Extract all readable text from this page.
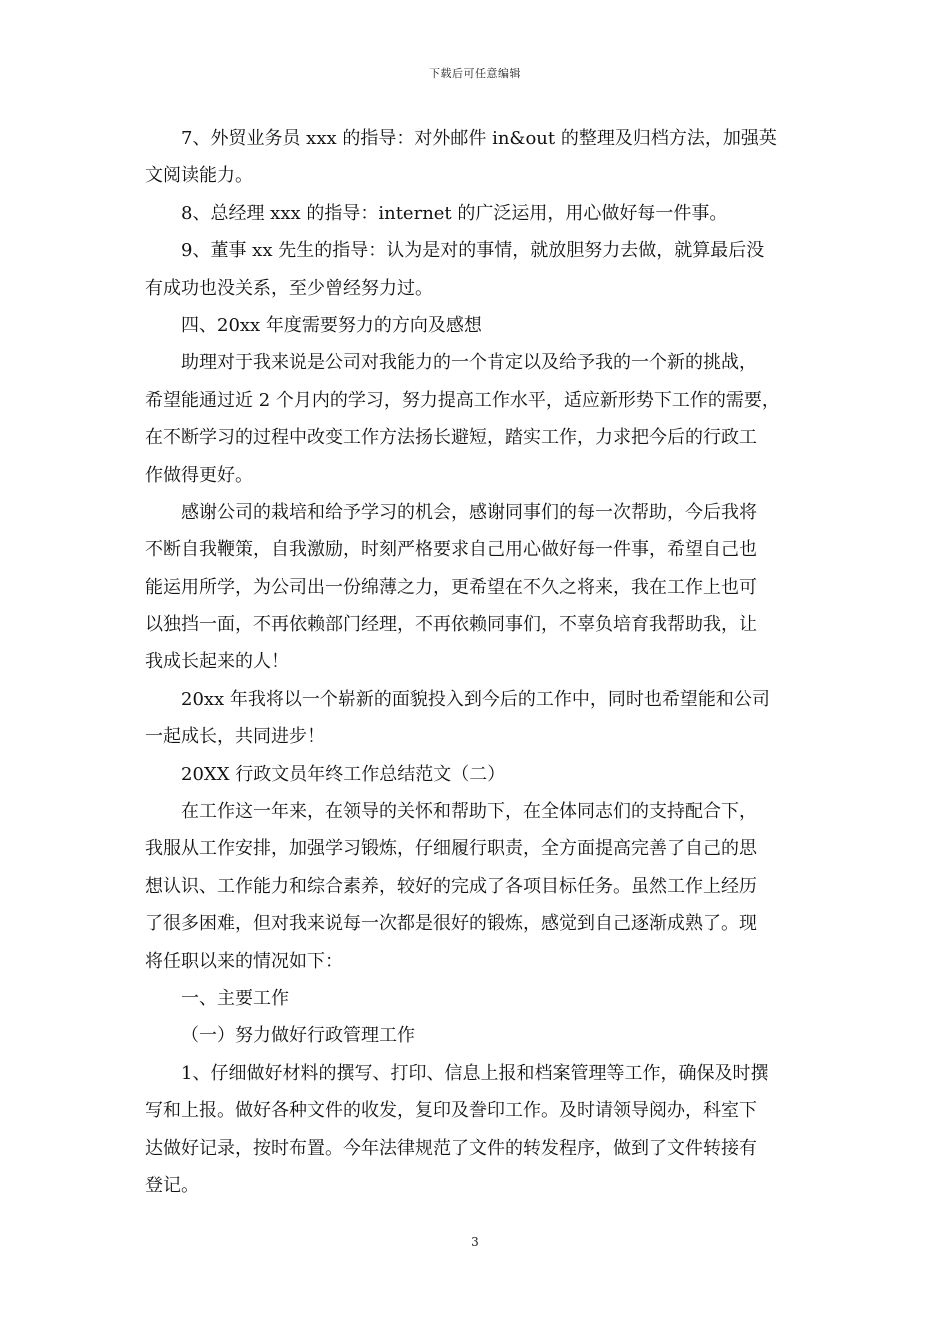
下载后可任意编辑
7、外贸业务员 xxx 的指导：对外邮件 in&out 的整理及归档方法，加强英
文阅读能力。
8、总经理 xxx 的指导：internet 的广泛运用，用心做好每一件事。
9、董事 xx 先生的指导：认为是对的事情，就放胆努力去做，就算最后没
有成功也没关系，至少曾经努力过。
四、20xx 年度需要努力的方向及感想
助理对于我来说是公司对我能力的一个肯定以及给予我的一个新的挑战，
希望能通过近 2 个月内的学习，努力提高工作水平，适应新形势下工作的需要，
在不断学习的过程中改变工作方法扬长避短，踏实工作，力求把今后的行政工
作做得更好。
感谢公司的栽培和给予学习的机会，感谢同事们的每一次帮助，今后我将
不断自我鞭策，自我激励，时刻严格要求自己用心做好每一件事，希望自己也
能运用所学，为公司出一份绵薄之力，更希望在不久之将来，我在工作上也可
以独挡一面，不再依赖部门经理，不再依赖同事们，不辜负培育我帮助我，让
我成长起来的人！
20xx 年我将以一个崭新的面貌投入到今后的工作中，同时也希望能和公司
一起成长，共同进步！
20XX 行政文员年终工作总结范文（二）
在工作这一年来，在领导的关怀和帮助下，在全体同志们的支持配合下，
我服从工作安排，加强学习锻炼，仔细履行职责，全方面提高完善了自己的思
想认识、工作能力和综合素养，较好的完成了各项目标任务。虽然工作上经历
了很多困难，但对我来说每一次都是很好的锻炼，感觉到自己逐渐成熟了。现
将任职以来的情况如下：
一、主要工作
（一）努力做好行政管理工作
1、仔细做好材料的撰写、打印、信息上报和档案管理等工作，确保及时撰
写和上报。做好各种文件的收发，复印及誊印工作。及时请领导阅办，科室下
达做好记录，按时布置。今年法律规范了文件的转发程序，做到了文件转接有
登记。
3
